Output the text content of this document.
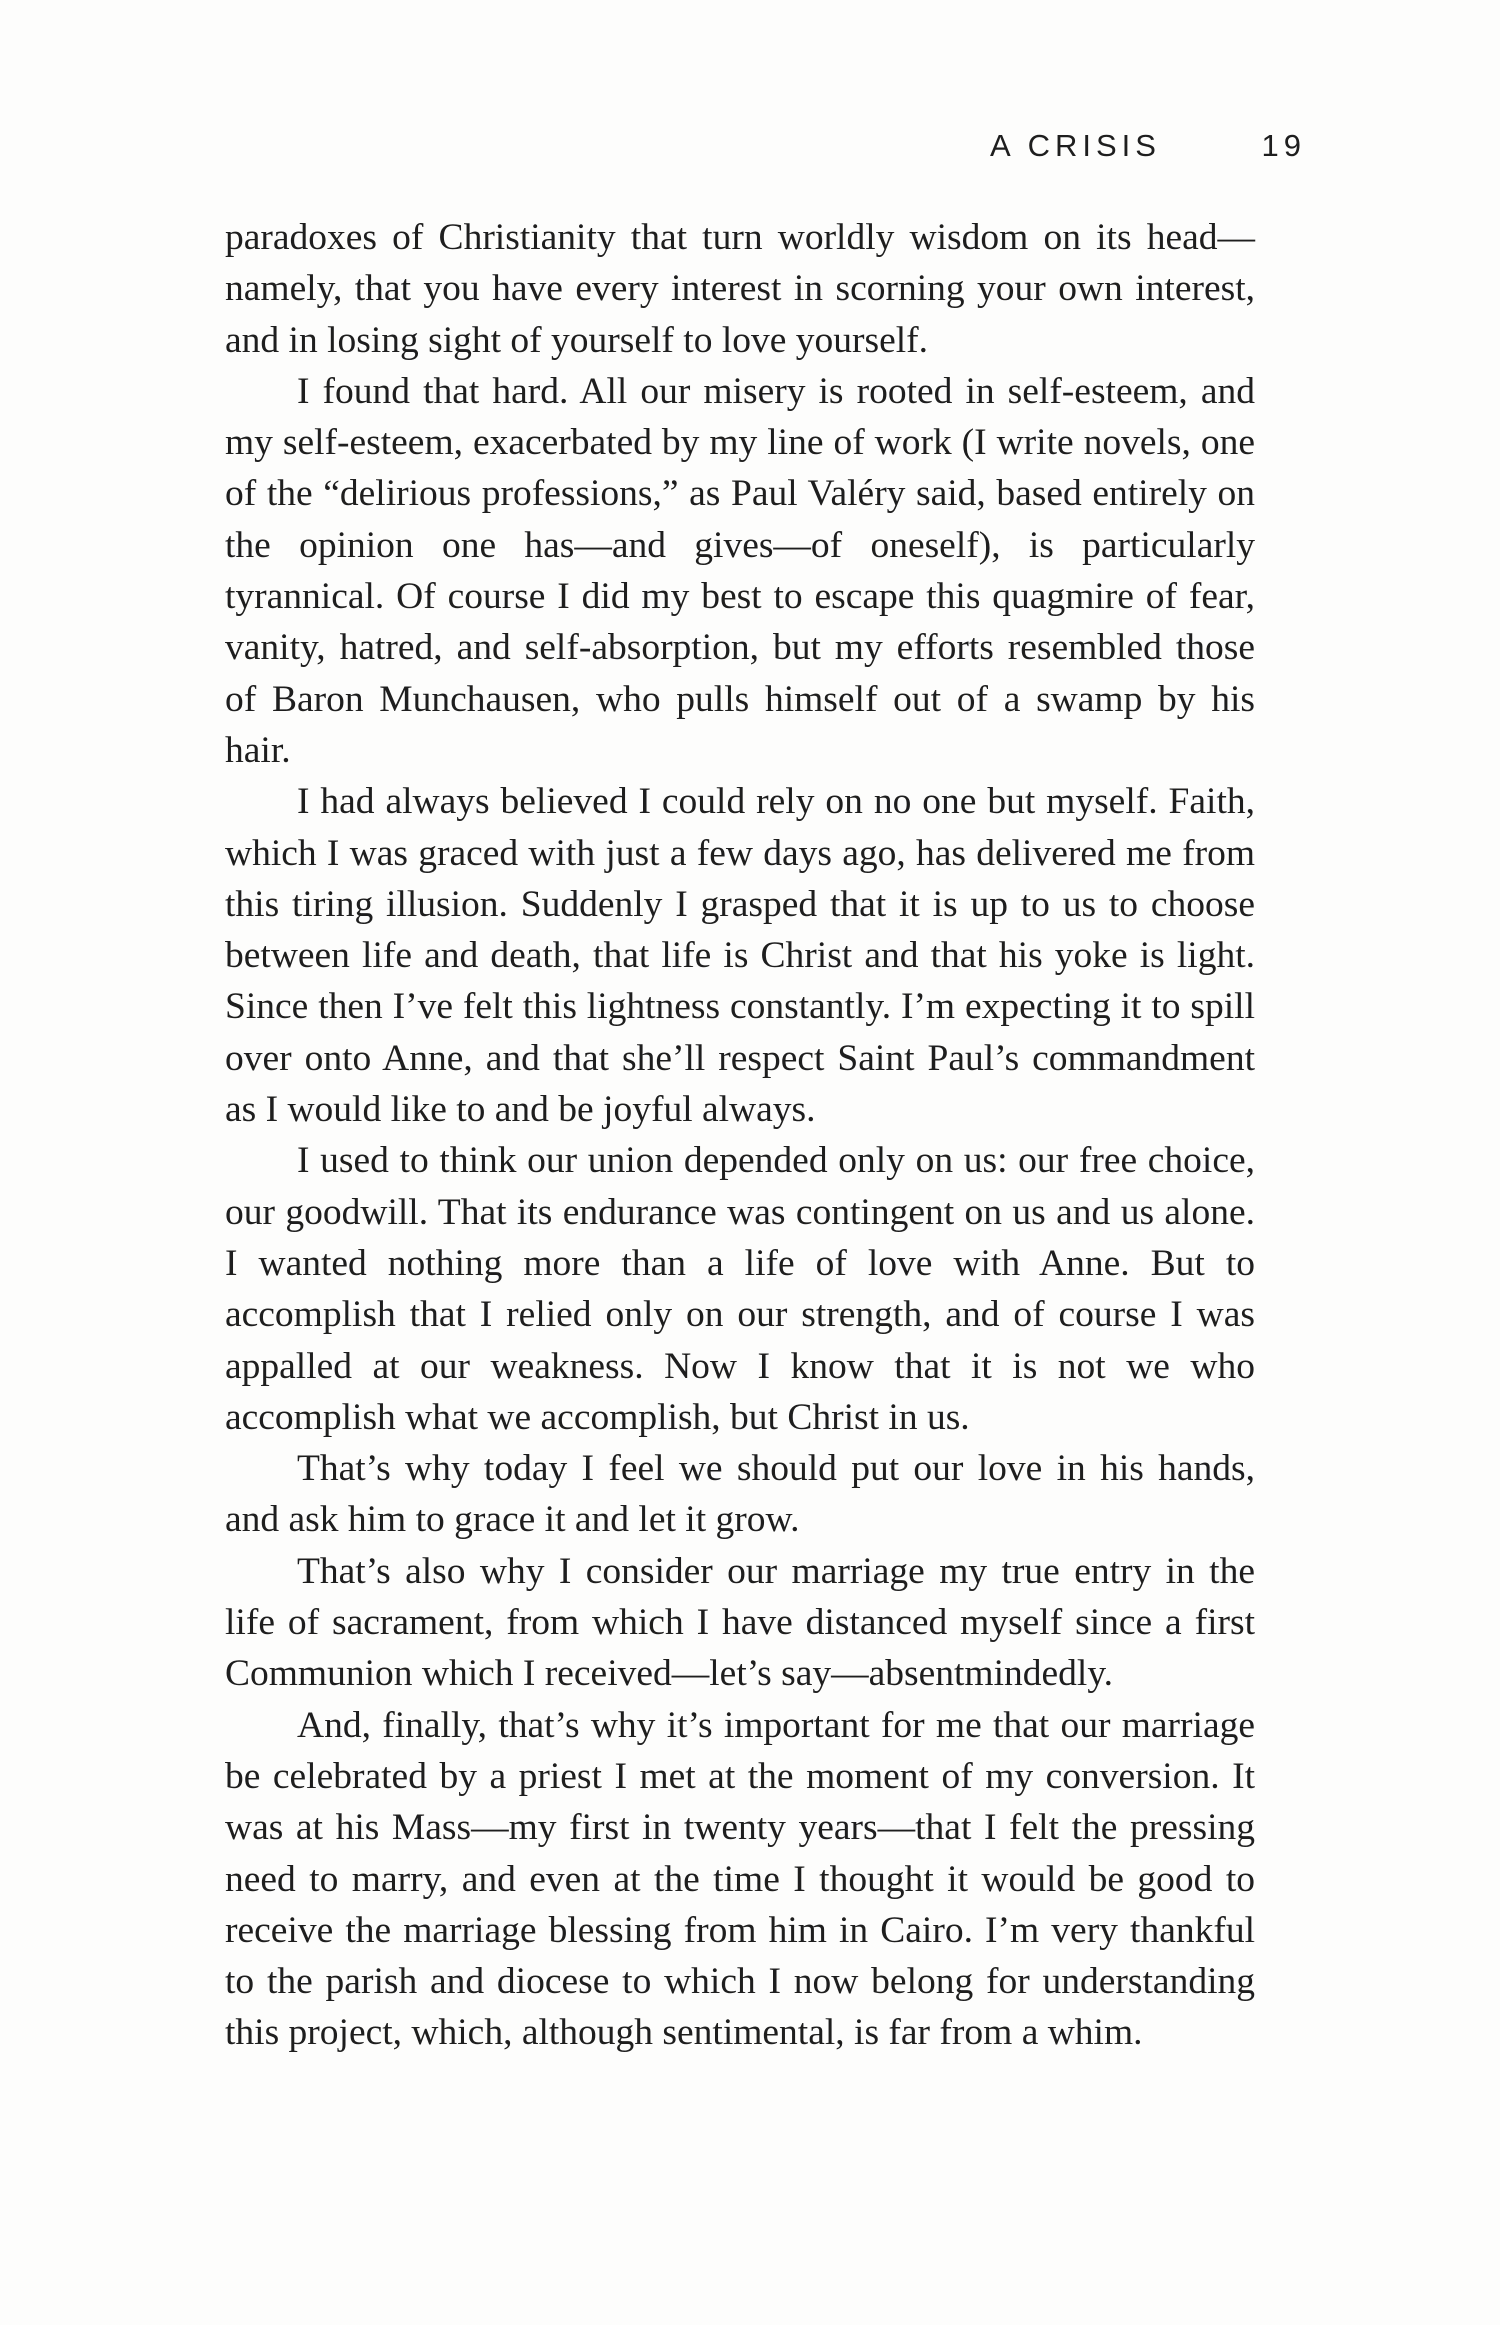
A CRISIS	19

paradoxes of Christianity that turn worldly wisdom on its head—namely, that you have every interest in scorning your own interest, and in losing sight of yourself to love yourself.

I found that hard. All our misery is rooted in self-esteem, and my self-esteem, exacerbated by my line of work (I write novels, one of the “delirious professions,” as Paul Valéry said, based entirely on the opinion one has—and gives—of oneself), is particularly tyrannical. Of course I did my best to escape this quagmire of fear, vanity, hatred, and self-absorption, but my efforts resembled those of Baron Munchausen, who pulls himself out of a swamp by his hair.

I had always believed I could rely on no one but myself. Faith, which I was graced with just a few days ago, has delivered me from this tiring illusion. Suddenly I grasped that it is up to us to choose between life and death, that life is Christ and that his yoke is light. Since then I’ve felt this lightness constantly. I’m expecting it to spill over onto Anne, and that she’ll respect Saint Paul’s commandment as I would like to and be joyful always.

I used to think our union depended only on us: our free choice, our goodwill. That its endurance was contingent on us and us alone. I wanted nothing more than a life of love with Anne. But to accomplish that I relied only on our strength, and of course I was appalled at our weakness. Now I know that it is not we who accomplish what we accomplish, but Christ in us.

That’s why today I feel we should put our love in his hands, and ask him to grace it and let it grow.

That’s also why I consider our marriage my true entry in the life of sacrament, from which I have distanced myself since a first Communion which I received—let’s say—absentmindedly.

And, finally, that’s why it’s important for me that our marriage be celebrated by a priest I met at the moment of my conversion. It was at his Mass—my first in twenty years—that I felt the pressing need to marry, and even at the time I thought it would be good to receive the marriage blessing from him in Cairo. I’m very thankful to the parish and diocese to which I now belong for understanding this project, which, although sentimental, is far from a whim.
